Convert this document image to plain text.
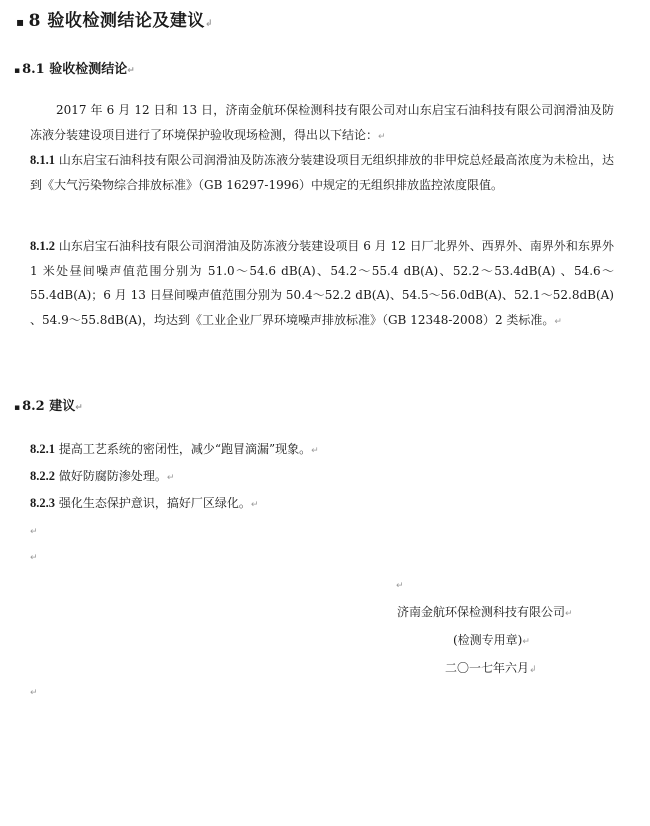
▪ 8 验收检测结论及建议↲
▪ 8.1 验收检测结论↵

2017 年 6 月 12 日和 13 日，济南金航环保检测科技有限公司对山东启宝石油科技有限公司润滑油及防冻液分装建设项目进行了环境保护验收现场检测，得出以下结论：↵

8.1.1 山东启宝石油科技有限公司润滑油及防冻液分装建设项目无组织排放的非甲烷总烃最高浓度为未检出，达到《大气污染物综合排放标准》（GB 16297-1996）中规定的无组织排放监控浓度限值。

8.1.2 山东启宝石油科技有限公司润滑油及防冻液分装建设项目 6 月 12 日厂北界外、西界外、南界外和东界外 1 米处昼间噪声值范围分别为 51.0～54.6 dB(A)、54.2～55.4 dB(A)、52.2～53.4dB(A) 、54.6～55.4dB(A)；6 月 13 日昼间噪声值范围分别为 50.4～52.2 dB(A)、54.5～56.0dB(A)、52.1～52.8dB(A) 、54.9～55.8dB(A)，均达到《工业企业厂界环境噪声排放标准》（GB 12348-2008）2 类标准。↵

▪ 8.2 建议↵
8.2.1 提高工艺系统的密闭性，减少“跑冒滴漏”现象。↵
8.2.2 做好防腐防渗处理。↵
8.2.3 强化生态保护意识，搞好厂区绿化。↵
↵
↵
↵
济南金航环保检测科技有限公司↵
(检测专用章)↵
二〇一七年六月↲
↵
